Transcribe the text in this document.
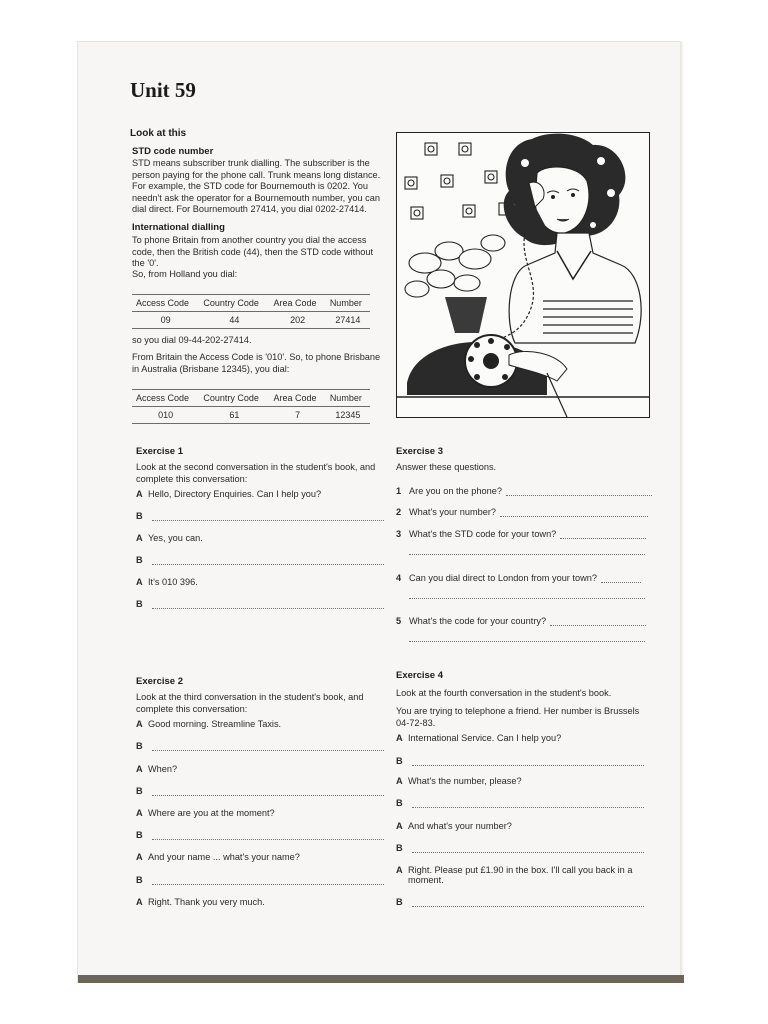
Unit 59
Look at this
STD code number
STD means subscriber trunk dialling. The subscriber is the person paying for the phone call. Trunk means long distance. For example, the STD code for Bournemouth is 0202. You needn't ask the operator for a Bournemouth number, you can dial direct. For Bournemouth 27414, you dial 0202-27414.
International dialling
To phone Britain from another country you dial the access code, then the British code (44), then the STD code without the '0'.
So, from Holland you dial:
Access Code	Country Code	Area Code	Number
09	44	202	27414
so you dial 09-44-202-27414.
From Britain the Access Code is '010'. So, to phone Brisbane in Australia (Brisbane 12345), you dial:
Access Code	Country Code	Area Code	Number
010	61	7	12345
Exercise 1
Look at the second conversation in the student's book, and complete this conversation:
A Hello, Directory Enquiries. Can I help you?
B
A Yes, you can.
B
A It's 010 396.
B
Exercise 2
Look at the third conversation in the student's book, and complete this conversation:
A Good morning. Streamline Taxis.
B
A When?
B
A Where are you at the moment?
B
A And your name ... what's your name?
B
A Right. Thank you very much.
Exercise 3
Answer these questions.
1 Are you on the phone?
2 What's your number?
3 What's the STD code for your town?
4 Can you dial direct to London from your town?
5 What's the code for your country?
Exercise 4
Look at the fourth conversation in the student's book.
You are trying to telephone a friend. Her number is Brussels 04-72-83.
A International Service. Can I help you?
B
A What's the number, please?
B
A And what's your number?
B
A Right. Please put £1.90 in the box. I'll call you back in a moment.
B
